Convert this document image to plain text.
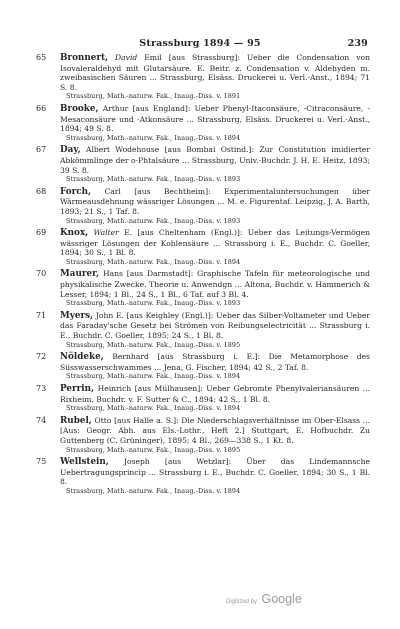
Strassburg 1894 — 95	239
65 Bronnert, David Emil [aus Strassburg]: Ueber die Condensation von Isovaleraldehyd mit Glutarsäure. E. Beitr. z. Condensation v. Aldehyden m. zweibasischen Säuren ... Strassburg, Elsäss. Druckerei u. Verl.-Anst., 1894; 71 S. 8.
Strassburg, Math.-naturw. Fak., Inaug.-Diss. v. 1891
66 Brooke, Arthur [aus England]: Ueber Phenyl-Itaconsäure, -Citraconsäure, -Mesaconsäure und -Atkonsäure ... Strassburg, Elsäss. Druckerei u. Verl.-Anst., 1894; 49 S. 8.
Strassburg, Math.-naturw. Fak., Inaug.-Diss. v. 1894
67 Day, Albert Wodehouse [aus Bombai Ostind.]: Zur Constitution imidierter Abkömmlinge der o-Phtalsäure ... Strassburg, Univ.-Buchdr. J. H. E. Heitz, 1893; 39 S. 8.
Strassburg, Math.-naturw. Fak., Inaug.-Diss. v. 1893
68 Forch, Carl [aus Bechtheim]: Experimentaluntersuchungen über Wärmeausdehnung wässriger Lösungen ... M. e. Figurentaf. Leipzig, J. A. Barth, 1893; 21 S., 1 Taf. 8.
Strassburg, Math.-naturw. Fak., Inaug.-Diss. v. 1893
69 Knox, Walter E. [aus Cheltenham (Engl.)]: Ueber das Leitungs-Vermögen wässriger Lösungen der Kohlensäure ... Strassburg i. E., Buchdr. C. Goeller, 1894; 30 S., 1 Bl. 8.
Strassburg, Math.-naturw. Fak., Inaug.-Diss. v. 1894
70 Maurer, Hans [aus Darmstadt]: Graphische Tafeln für meteorologische und physikalische Zwecke. Theorie u. Anwendgn ... Altona, Buchdr. v. Hammerich & Lesser, 1894; 1 Bl., 24 S., 1 Bl., 6 Taf. auf 3 Bl. 4.
Strassburg, Math.-naturw. Fak., Inaug.-Diss. v. 1893
71 Myers, John E. [aus Keighley (Engl.)]: Ueber das Silber-Voltameter und Ueber das Faraday'sche Gesetz bei Strömen von Reibungselectricität ... Strassburg i. E., Buchdr. C. Goeller, 1895; 24 S., 1 Bl. 8.
Strassburg, Math.-naturw. Fak., Inaug.-Diss. v. 1895
72 Nöldeke, Bernhard [aus Strassburg i. E.]: Die Metamorphose des Süsswasserschwammes ... Jena, G. Fischer, 1894; 42 S., 2 Taf. 8.
Strassburg, Math.-naturw. Fak., Inaug.-Diss. v. 1894
73 Perrin, Heinrich [aus Mülhausen]: Ueber Gebromte Phenylvaleriansäuren ... Rixheim, Buchdr. v. F. Sutter & C., 1894; 42 S., 1 Bl. 8.
Strassburg, Math.-naturw. Fak., Inaug.-Diss. v. 1894
74 Rubel, Otto [aus Halle a. S.]: Die Niederschlagsverhältnisse im Ober-Elsass ... [Aus: Geogr. Abh. aus Els.-Lothr., Heft 2.] Stuttgart, E. Hofbuchdr. Zu Guttenberg (C. Grüninger), 1895; 4 Bl., 269—338 S., 1 Kt. 8.
Strassburg, Math.-naturw. Fak., Inaug.-Diss. v. 1895
75 Wellstein, Joseph [aus Wetzlar]: Über das Lindemannsche Uebertragungsprincip ... Strassburg i. E., Buchdr. C. Goeller, 1894; 30 S., 1 Bl. 8.
Strassburg, Math.-naturw. Fak., Inaug.-Diss. v. 1894
Digitized by Google
